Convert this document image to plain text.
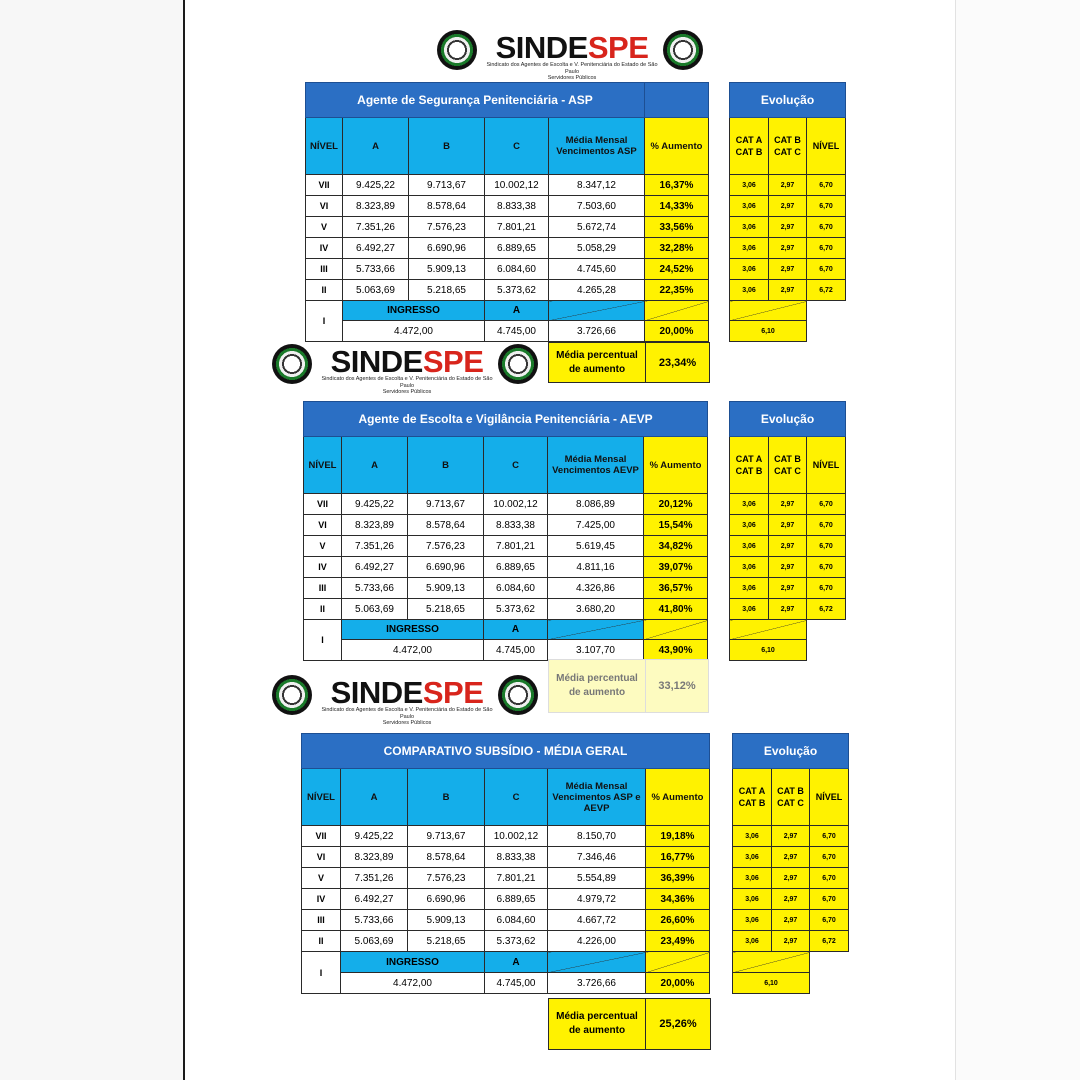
SINDESPE
Sindicato dos Agentes de Escolta e V. Penitenciária do Estado de São Paulo
Servidores Públicos
SINDESPE
Sindicato dos Agentes de Escolta e V. Penitenciária do Estado de São Paulo
Servidores Públicos
SINDESPE
Sindicato dos Agentes de Escolta e V. Penitenciária do Estado de São Paulo
Servidores Públicos
Agente de Segurança Penitenciária - ASP					
NÍVEL	A	B	C	Média Mensal Vencimentos ASP	% Aumento
VII	9.425,22	9.713,67	10.002,12	8.347,12	16,37%
VI	8.323,89	8.578,64	8.833,38	7.503,60	14,33%
V	7.351,26	7.576,23	7.801,21	5.672,74	33,56%
IV	6.492,27	6.690,96	6.889,65	5.058,29	32,28%
III	5.733,66	5.909,13	6.084,60	4.745,60	24,52%
II	5.063,69	5.218,65	5.373,62	4.265,28	22,35%
I	INGRESSO		A		
	4.472,00		4.745,00	3.726,66	20,00%
Média percentual de aumento
23,34%
Evolução		
CAT A CAT B	CAT B CAT C	NÍVEL
3,06	2,97	6,70
3,06	2,97	6,70
3,06	2,97	6,70
3,06	2,97	6,70
3,06	2,97	6,70
3,06	2,97	6,72

6,10		
Agente de Escolta e Vigilância Penitenciária - AEVP					
NÍVEL	A	B	C	Média Mensal Vencimentos AEVP	% Aumento
VII	9.425,22	9.713,67	10.002,12	8.086,89	20,12%
VI	8.323,89	8.578,64	8.833,38	7.425,00	15,54%
V	7.351,26	7.576,23	7.801,21	5.619,45	34,82%
IV	6.492,27	6.690,96	6.889,65	4.811,16	39,07%
III	5.733,66	5.909,13	6.084,60	4.326,86	36,57%
II	5.063,69	5.218,65	5.373,62	3.680,20	41,80%
I	INGRESSO		A		
	4.472,00		4.745,00	3.107,70	43,90%
Média percentual de aumento
33,12%
Evolução		
CAT A CAT B	CAT B CAT C	NÍVEL
3,06	2,97	6,70
3,06	2,97	6,70
3,06	2,97	6,70
3,06	2,97	6,70
3,06	2,97	6,70
3,06	2,97	6,72

6,10		
COMPARATIVO SUBSÍDIO - MÉDIA GERAL					
NÍVEL	A	B	C	Média Mensal Vencimentos ASP e AEVP	% Aumento
VII	9.425,22	9.713,67	10.002,12	8.150,70	19,18%
VI	8.323,89	8.578,64	8.833,38	7.346,46	16,77%
V	7.351,26	7.576,23	7.801,21	5.554,89	36,39%
IV	6.492,27	6.690,96	6.889,65	4.979,72	34,36%
III	5.733,66	5.909,13	6.084,60	4.667,72	26,60%
II	5.063,69	5.218,65	5.373,62	4.226,00	23,49%
I	INGRESSO		A		
	4.472,00		4.745,00	3.726,66	20,00%
Média percentual de aumento
25,26%
Evolução		
CAT A CAT B	CAT B CAT C	NÍVEL
3,06	2,97	6,70
3,06	2,97	6,70
3,06	2,97	6,70
3,06	2,97	6,70
3,06	2,97	6,70
3,06	2,97	6,72

6,10		
